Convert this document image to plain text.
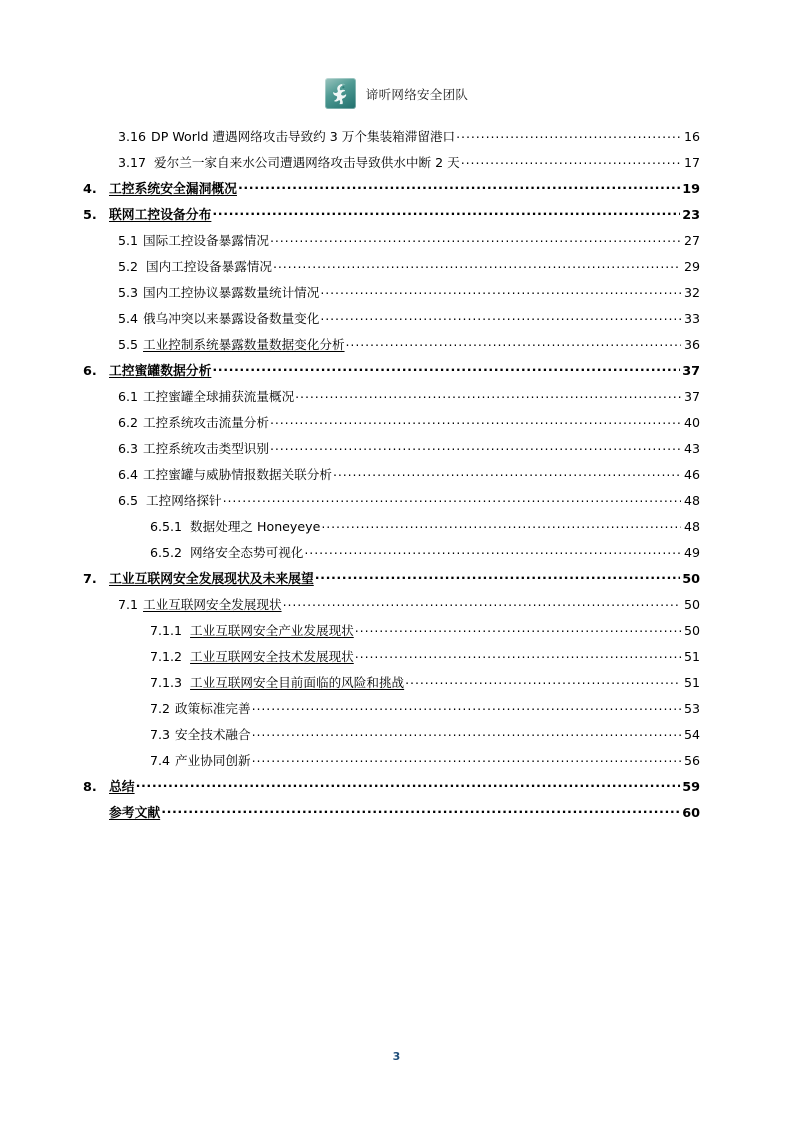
谛听网络安全团队
3.16 DP World 遭遇网络攻击导致约 3 万个集装箱滞留港口 .....	16
3.17 爱尔兰一家自来水公司遭遇网络攻击导致供水中断 2 天 .....	17
4. 工控系统安全漏洞概况 .....	19
5. 联网工控设备分布 .....	23
5.1 国际工控设备暴露情况 .....	27
5.2 国内工控设备暴露情况 .....	29
5.3 国内工控协议暴露数量统计情况 .....	32
5.4 俄乌冲突以来暴露设备数量变化 .....	33
5.5 工业控制系统暴露数量数据变化分析 .....	36
6. 工控蜜罐数据分析 .....	37
6.1 工控蜜罐全球捕获流量概况 .....	37
6.2 工控系统攻击流量分析 .....	40
6.3 工控系统攻击类型识别 .....	43
6.4 工控蜜罐与威胁情报数据关联分析 .....	46
6.5 工控网络探针 .....	48
6.5.1 数据处理之 Honeyeye .....	48
6.5.2 网络安全态势可视化 .....	49
7. 工业互联网安全发展现状及未来展望 .....	50
7.1 工业互联网安全发展现状 .....	50
7.1.1 工业互联网安全产业发展现状 .....	50
7.1.2 工业互联网安全技术发展现状 .....	51
7.1.3 工业互联网安全目前面临的风险和挑战 .....	51
7.2 政策标准完善 .....	53
7.3 安全技术融合 .....	54
7.4 产业协同创新 .....	56
8. 总结 .....	59
参考文献 .....	60
3
